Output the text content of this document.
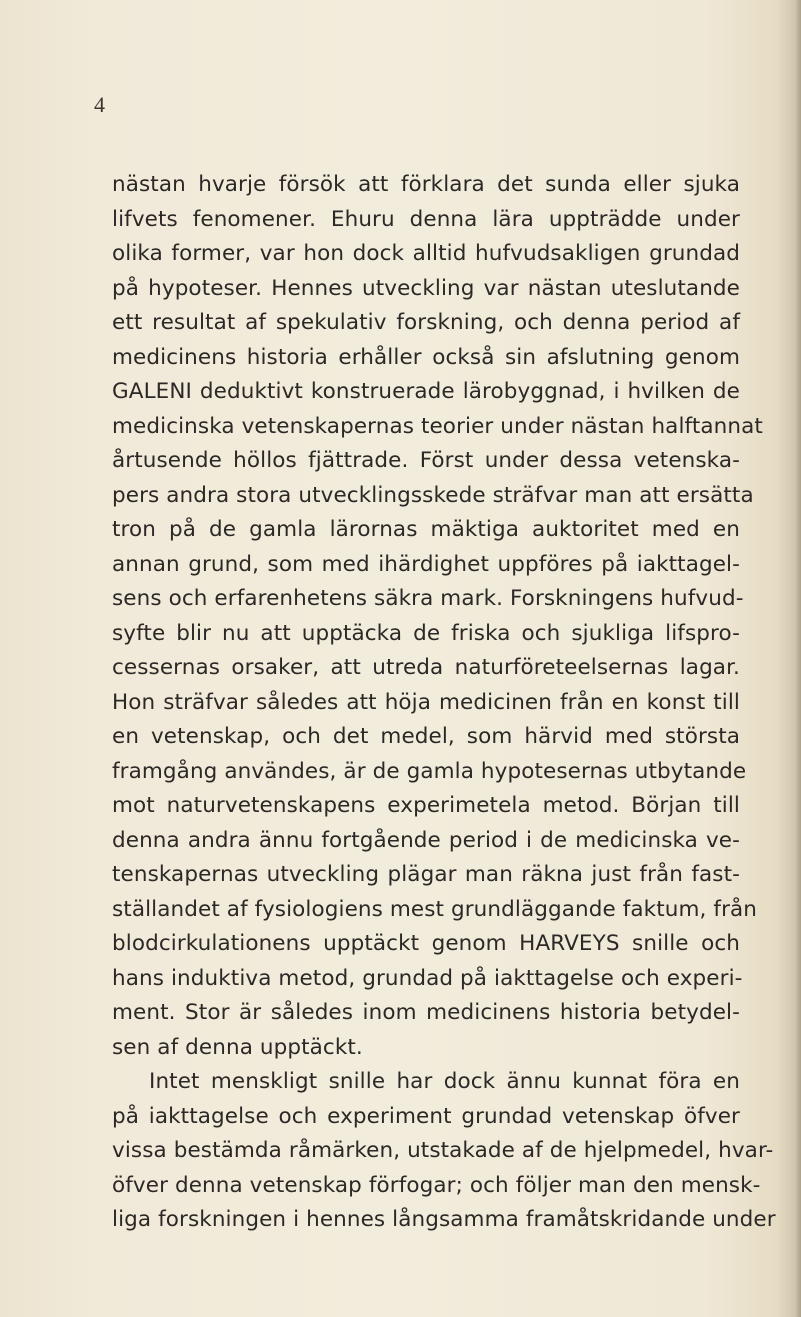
4
nästan hvarje försök att förklara det sunda eller sjuka
lifvets fenomener. Ehuru denna lära uppträdde under
olika former, var hon dock alltid hufvudsakligen grundad
på hypoteser. Hennes utveckling var nästan uteslutande
ett resultat af spekulativ forskning, och denna period af
medicinens historia erhåller också sin afslutning genom
GALENI deduktivt konstruerade lärobyggnad, i hvilken de
medicinska vetenskapernas teorier under nästan halftannat
årtusende höllos fjättrade. Först under dessa vetenska-
pers andra stora utvecklingsskede sträfvar man att ersätta
tron på de gamla lärornas mäktiga auktoritet med en
annan grund, som med ihärdighet uppföres på iakttagel-
sens och erfarenhetens säkra mark. Forskningens hufvud-
syfte blir nu att upptäcka de friska och sjukliga lifspro-
cessernas orsaker, att utreda naturföreteelsernas lagar.
Hon sträfvar således att höja medicinen från en konst till
en vetenskap, och det medel, som härvid med största
framgång användes, är de gamla hypotesernas utbytande
mot naturvetenskapens experimetela metod. Början till
denna andra ännu fortgående period i de medicinska ve-
tenskapernas utveckling plägar man räkna just från fast-
ställandet af fysiologiens mest grundläggande faktum, från
blodcirkulationens upptäckt genom HARVEYS snille och
hans induktiva metod, grundad på iakttagelse och experi-
ment. Stor är således inom medicinens historia betydel-
sen af denna upptäckt.
Intet menskligt snille har dock ännu kunnat föra en
på iakttagelse och experiment grundad vetenskap öfver
vissa bestämda råmärken, utstakade af de hjelpmedel, hvar-
öfver denna vetenskap förfogar; och följer man den mensk-
liga forskningen i hennes långsamma framåtskridande under
